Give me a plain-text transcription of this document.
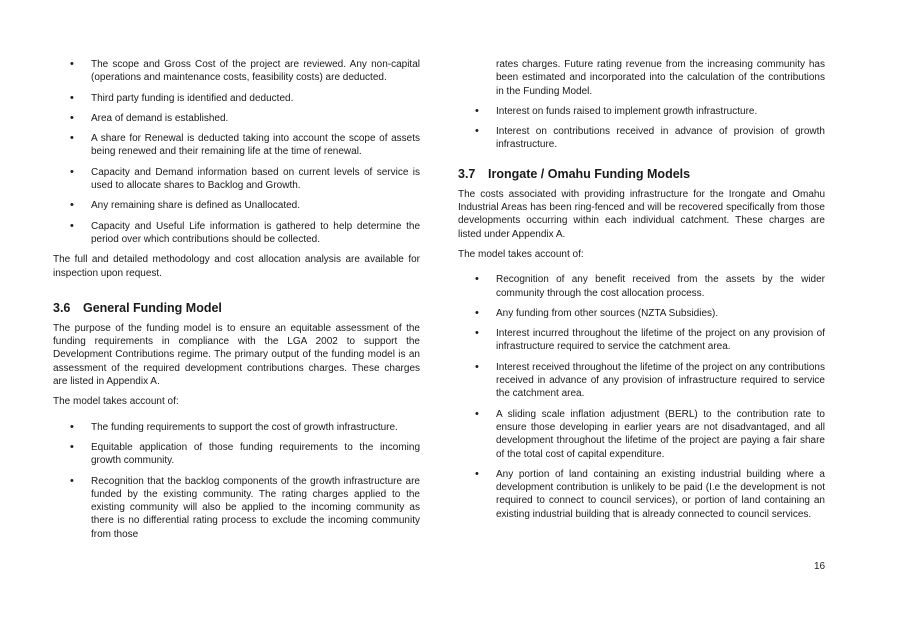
• The scope and Gross Cost of the project are reviewed. Any non-capital (operations and maintenance costs, feasibility costs) are deducted.
• Third party funding is identified and deducted.
• Area of demand is established.
• A share for Renewal is deducted taking into account the scope of assets being renewed and their remaining life at the time of renewal.
• Capacity and Demand information based on current levels of service is used to allocate shares to Backlog and Growth.
• Any remaining share is defined as Unallocated.
• Capacity and Useful Life information is gathered to help determine the period over which contributions should be collected.

The full and detailed methodology and cost allocation analysis are available for inspection upon request.

3.6 General Funding Model

The purpose of the funding model is to ensure an equitable assessment of the funding requirements in compliance with the LGA 2002 to support the Development Contributions regime. The primary output of the funding model is an assessment of the required development contributions charges. These charges are listed in Appendix A.

The model takes account of:

• The funding requirements to support the cost of growth infrastructure.
• Equitable application of those funding requirements to the incoming growth community.
• Recognition that the backlog components of the growth infrastructure are funded by the existing community. The rating charges applied to the existing community will also be applied to the incoming community as there is no differential rating process to exclude the incoming community from those

rates charges. Future rating revenue from the increasing community has been estimated and incorporated into the calculation of the contributions in the Funding Model.

• Interest on funds raised to implement growth infrastructure.
• Interest on contributions received in advance of provision of growth infrastructure.
3.7 Irongate / Omahu Funding Models

The costs associated with providing infrastructure for the Irongate and Omahu Industrial Areas has been ring-fenced and will be recovered specifically from those developments occurring within each individual catchment. These charges are listed under Appendix A.

The model takes account of:

• Recognition of any benefit received from the assets by the wider community through the cost allocation process.
• Any funding from other sources (NZTA Subsidies).
• Interest incurred throughout the lifetime of the project on any provision of infrastructure required to service the catchment area.
• Interest received throughout the lifetime of the project on any contributions received in advance of any provision of infrastructure required to service the catchment area.
• A sliding scale inflation adjustment (BERL) to the contribution rate to ensure those developing in earlier years are not disadvantaged, and all development throughout the lifetime of the project are paying a fair share of the total cost of capital expenditure.
• Any portion of land containing an existing industrial building where a development contribution is unlikely to be paid (I.e the development is not required to connect to council services), or portion of land containing an existing industrial building that is already connected to council services.
16
